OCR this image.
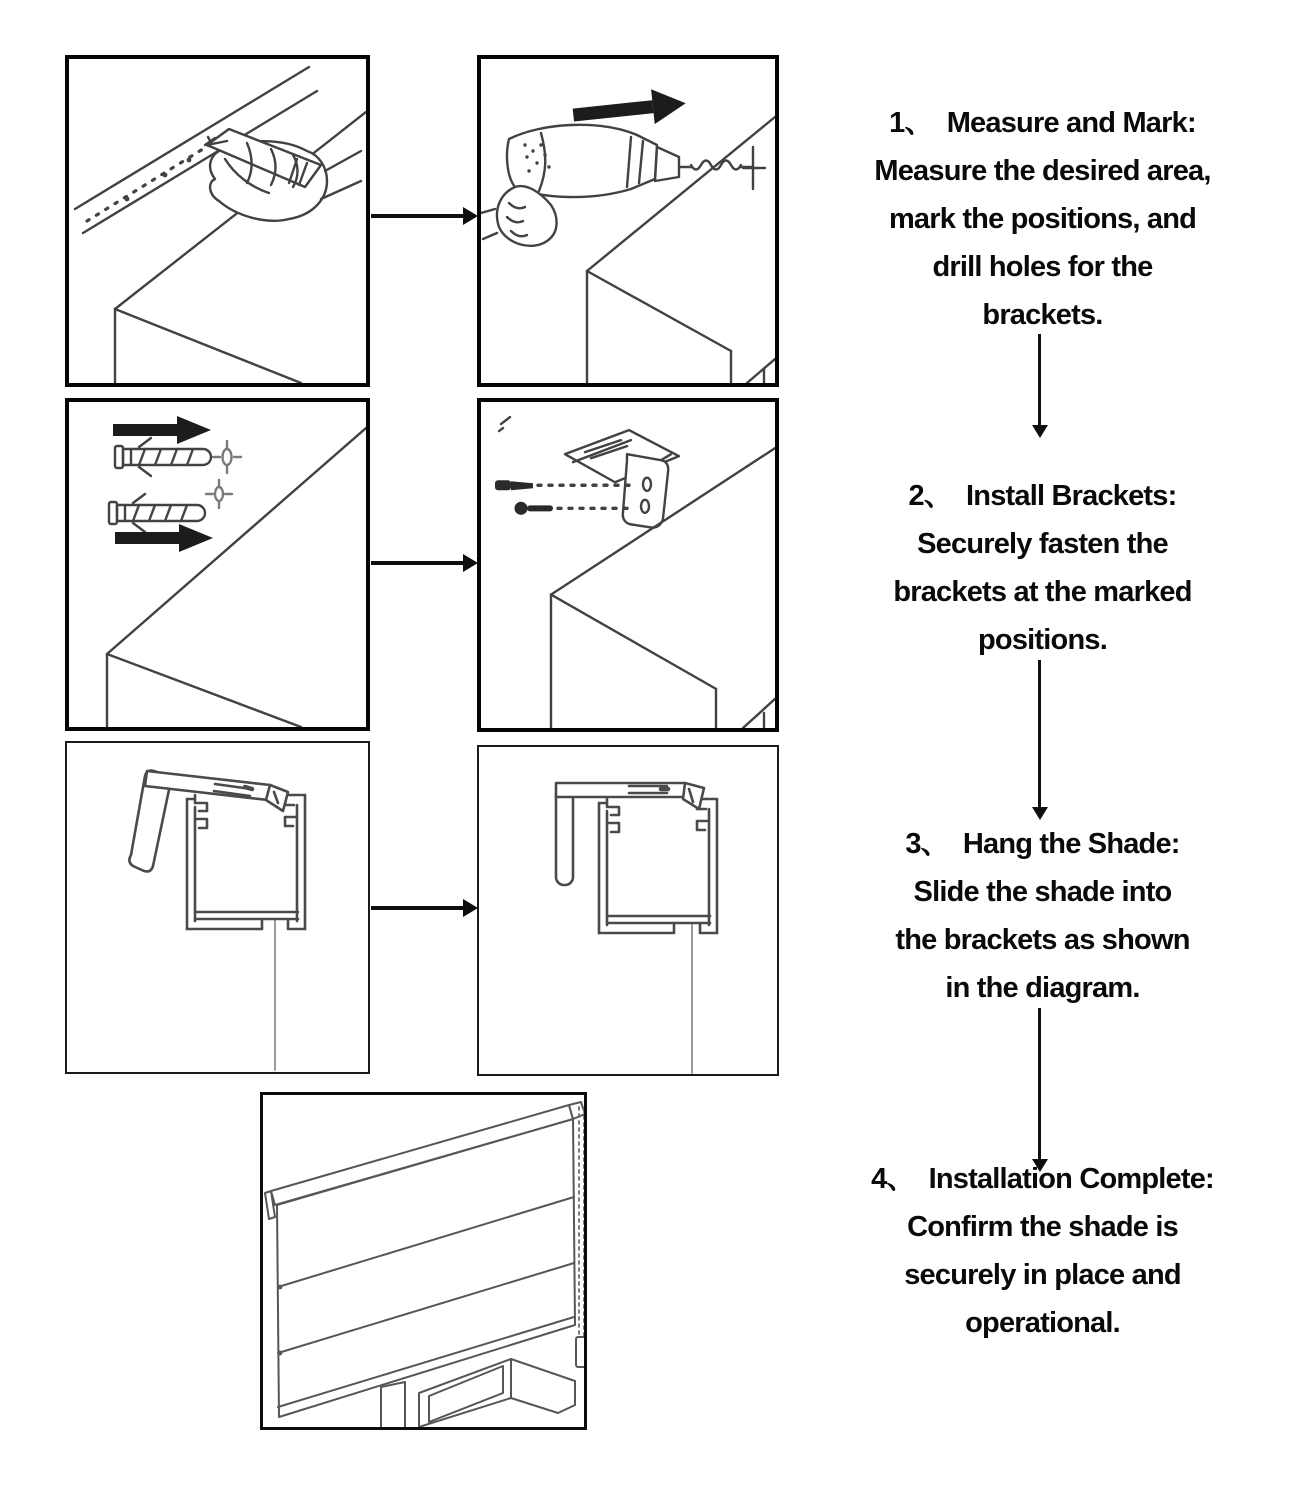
1、 Measure and Mark:
Measure the desired area,
mark the positions, and
drill holes for the
brackets.
2、 Install Brackets:
Securely fasten the
brackets at the marked
positions.
3、 Hang the Shade:
Slide the shade into
the brackets as shown
in the diagram.
4、 Installation Complete:
Confirm the shade is
securely in place and
operational.
